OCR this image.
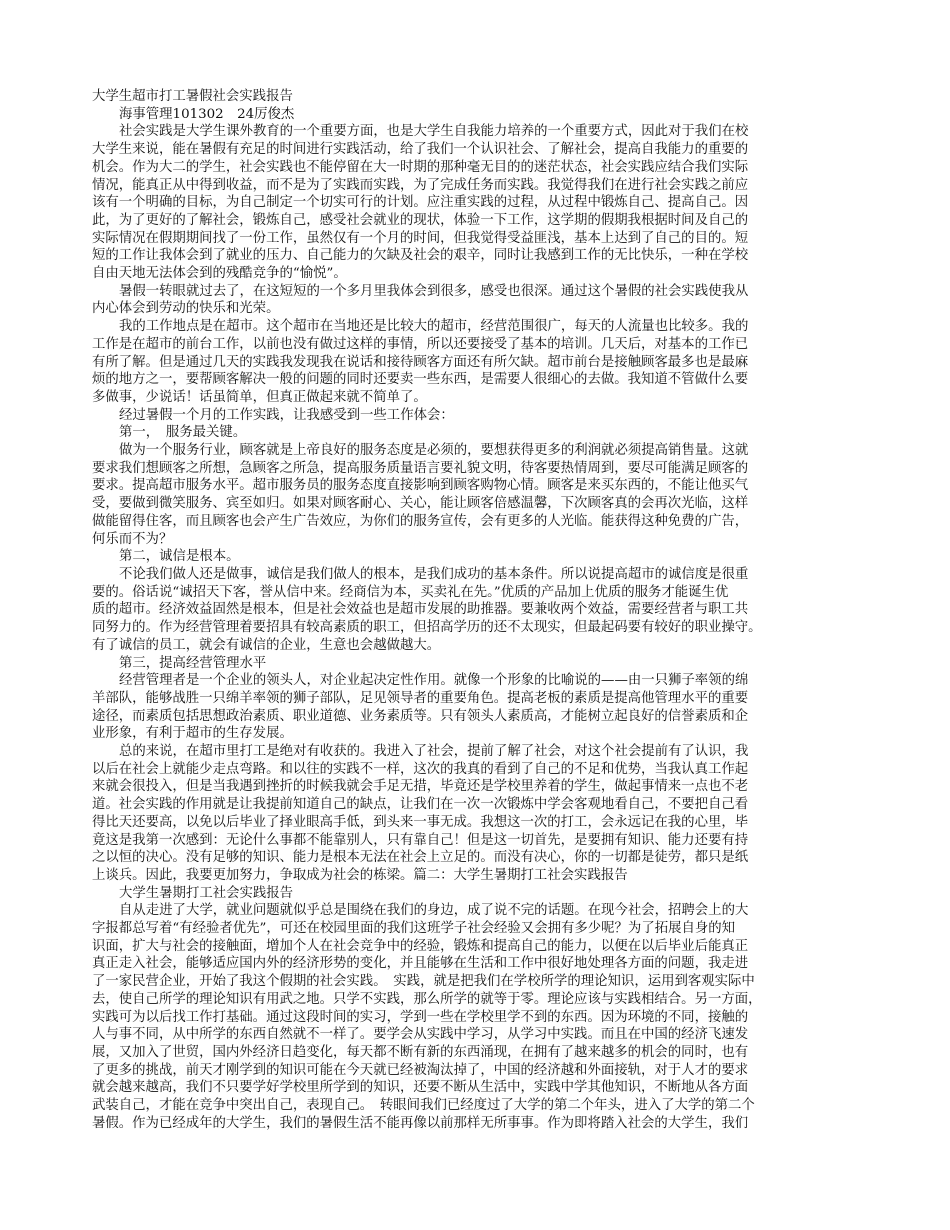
大学生超市打工暑假社会实践报告
海事管理101302　24厉俊杰
社会实践是大学生课外教育的一个重要方面，也是大学生自我能力培养的一个重要方式，因此对于我们在校
大学生来说，能在暑假有充足的时间进行实践活动，给了我们一个认识社会、了解社会，提高自我能力的重要的
机会。作为大二的学生，社会实践也不能停留在大一时期的那种毫无目的的迷茫状态，社会实践应结合我们实际
情况，能真正从中得到收益，而不是为了实践而实践，为了完成任务而实践。我觉得我们在进行社会实践之前应
该有一个明确的目标，为自己制定一个切实可行的计划。应注重实践的过程，从过程中锻炼自己、提高自己。因
此，为了更好的了解社会，锻炼自己，感受社会就业的现状，体验一下工作，这学期的假期我根据时间及自己的
实际情况在假期期间找了一份工作，虽然仅有一个月的时间，但我觉得受益匪浅，基本上达到了自己的目的。短
短的工作让我体会到了就业的压力、自己能力的欠缺及社会的艰辛，同时让我感到工作的无比快乐，一种在学校
自由天地无法体会到的残酷竞争的“愉悦”。
暑假一转眼就过去了，在这短短的一个多月里我体会到很多，感受也很深。通过这个暑假的社会实践使我从
内心体会到劳动的快乐和光荣。
我的工作地点是在超市。这个超市在当地还是比较大的超市，经营范围很广，每天的人流量也比较多。我的
工作是在超市的前台工作，以前也没有做过这样的事情，所以还要接受了基本的培训。几天后，对基本的工作已
有所了解。但是通过几天的实践我发现我在说话和接待顾客方面还有所欠缺。超市前台是接触顾客最多也是最麻
烦的地方之一，要帮顾客解决一般的问题的同时还要卖一些东西，是需要人很细心的去做。我知道不管做什么要
多做事，少说话！话虽简单，但真正做起来就不简单了。
经过暑假一个月的工作实践，让我感受到一些工作体会：
第一，　服务最关键。
做为一个服务行业，顾客就是上帝良好的服务态度是必须的，要想获得更多的利润就必须提高销售量。这就
要求我们想顾客之所想，急顾客之所急，提高服务质量语言要礼貌文明，待客要热情周到，要尽可能满足顾客的
要求。提高超市服务水平。超市服务员的服务态度直接影响到顾客购物心情。顾客是来买东西的，不能让他买气
受，要做到微笑服务、宾至如归。如果对顾客耐心、关心，能让顾客倍感温馨，下次顾客真的会再次光临，这样
做能留得住客，而且顾客也会产生广告效应，为你们的服务宣传，会有更多的人光临。能获得这种免费的广告，
何乐而不为？
第二，诚信是根本。
不论我们做人还是做事，诚信是我们做人的根本，是我们成功的基本条件。所以说提高超市的诚信度是很重
要的。俗话说“诚招天下客，誉从信中来。经商信为本，买卖礼在先。”优质的产品加上优质的服务才能诞生优
质的超市。经济效益固然是根本，但是社会效益也是超市发展的助推器。要兼收两个效益，需要经营者与职工共
同努力的。作为经营管理着要招具有较高素质的职工，但招高学历的还不太现实，但最起码要有较好的职业操守。
有了诚信的员工，就会有诚信的企业，生意也会越做越大。
第三，提高经营管理水平
经营管理者是一个企业的领头人，对企业起决定性作用。就像一个形象的比喻说的——由一只狮子率领的绵
羊部队，能够战胜一只绵羊率领的狮子部队，足见领导者的重要角色。提高老板的素质是提高他管理水平的重要
途径，而素质包括思想政治素质、职业道德、业务素质等。只有领头人素质高，才能树立起良好的信誉素质和企
业形象，有利于超市的生存发展。
总的来说，在超市里打工是绝对有收获的。我进入了社会，提前了解了社会，对这个社会提前有了认识，我
以后在社会上就能少走点弯路。和以往的实践不一样，这次的我真的看到了自己的不足和优势，当我认真工作起
来就会很投入，但是当我遇到挫折的时候我就会手足无措，毕竟还是学校里养着的学生，做起事情来一点也不老
道。社会实践的作用就是让我提前知道自己的缺点，让我们在一次一次锻炼中学会客观地看自己，不要把自己看
得比天还要高，以免以后毕业了择业眼高手低，到头来一事无成。我想这一次的打工，会永远记在我的心里，毕
竟这是我第一次感到：无论什么事都不能靠别人，只有靠自己！但是这一切首先，是要拥有知识、能力还要有持
之以恒的决心。没有足够的知识、能力是根本无法在社会上立足的。而没有决心，你的一切都是徒劳，都只是纸
上谈兵。因此，我要更加努力，争取成为社会的栋梁。篇二：大学生暑期打工社会实践报告
大学生暑期打工社会实践报告
自从走进了大学，就业问题就似乎总是围绕在我们的身边，成了说不完的话题。在现今社会，招聘会上的大
字报都总写着“有经验者优先”，可还在校园里面的我们这班学子社会经验又会拥有多少呢？为了拓展自身的知
识面，扩大与社会的接触面，增加个人在社会竞争中的经验，锻炼和提高自己的能力，以便在以后毕业后能真正
真正走入社会，能够适应国内外的经济形势的变化，并且能够在生活和工作中很好地处理各方面的问题，我走进
了一家民营企业，开始了我这个假期的社会实践。　实践，就是把我们在学校所学的理论知识，运用到客观实际中
去，使自己所学的理论知识有用武之地。只学不实践，那么所学的就等于零。理论应该与实践相结合。另一方面，
实践可为以后找工作打基础。通过这段时间的实习，学到一些在学校里学不到的东西。因为环境的不同，接触的
人与事不同，从中所学的东西自然就不一样了。要学会从实践中学习，从学习中实践。而且在中国的经济飞速发
展，又加入了世贸，国内外经济日趋变化，每天都不断有新的东西涌现，在拥有了越来越多的机会的同时，也有
了更多的挑战，前天才刚学到的知识可能在今天就已经被淘汰掉了，中国的经济越和外面接轨，对于人才的要求
就会越来越高，我们不只要学好学校里所学到的知识，还要不断从生活中，实践中学其他知识，不断地从各方面
武装自己，才能在竞争中突出自己，表现自己。　转眼间我们已经度过了大学的第二个年头，进入了大学的第二个
暑假。作为已经成年的大学生，我们的暑假生活不能再像以前那样无所事事。作为即将踏入社会的大学生，我们
